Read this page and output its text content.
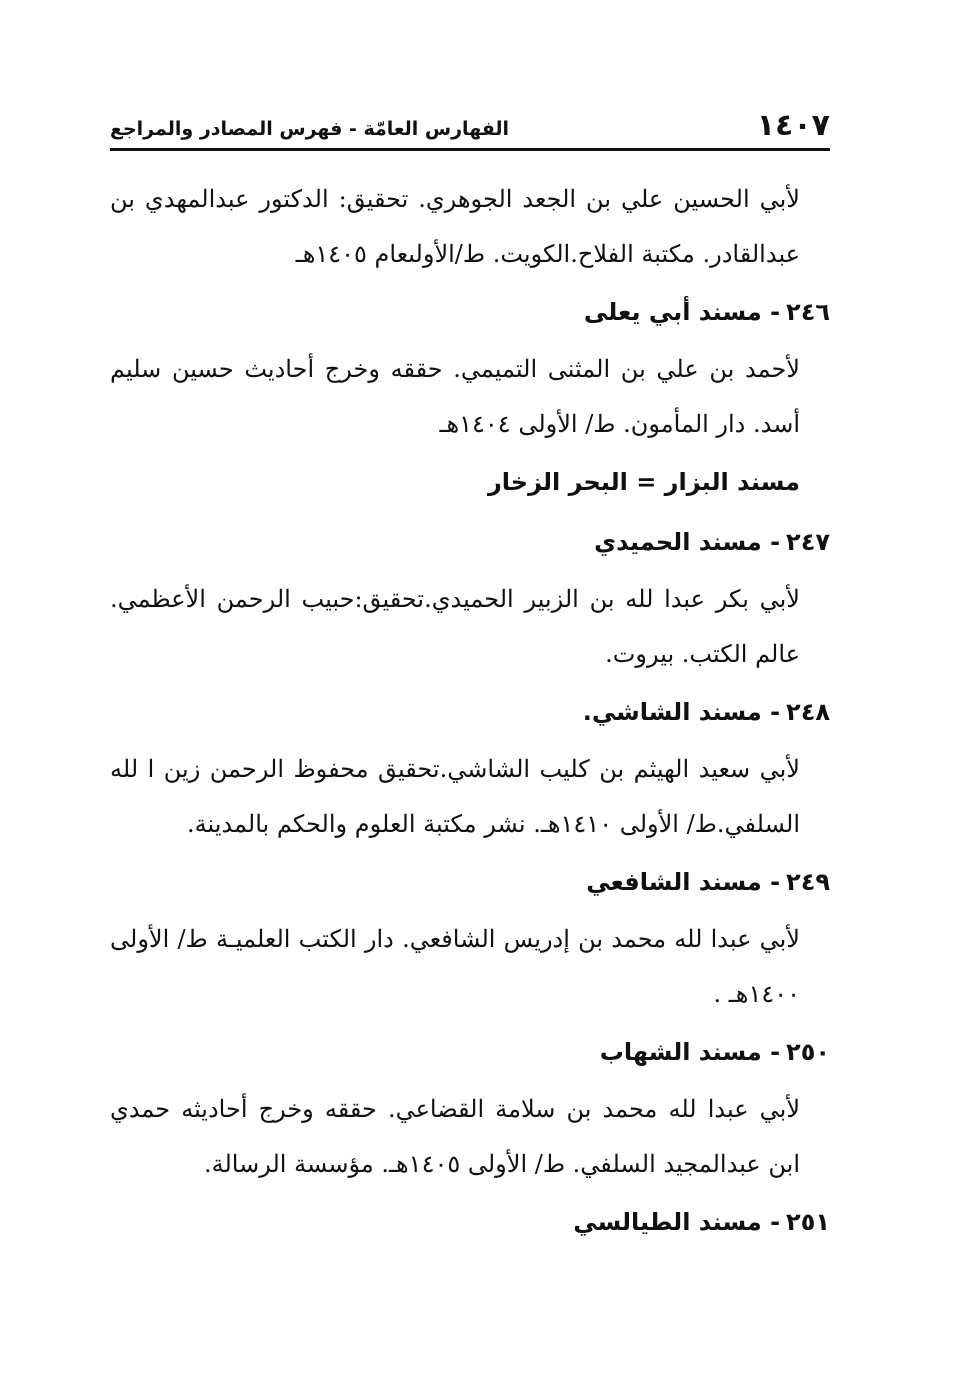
١٤٠٧
الفهارس العامّة - فهرس المصادر والمراجع

لأبي الحسين علي بن الجعد الجوهري. تحقيق: الدكتور عبدالمهدي بن عبدالقادر. مكتبة الفلاح.الكويت. ط/الأولىعام ١٤٠٥هـ

٢٤٦- مسند أبي يعلى

لأحمد بن علي بن المثنى التميمي. حققه وخرج أحاديث حسين سليم أسد. دار المأمون. ط/ الأولى ١٤٠٤هـ

مسند البزار = البحر الزخار

٢٤٧- مسند الحميدي

لأبي بكر عبدا لله بن الزبير الحميدي.تحقيق:حبيب الرحمن الأعظمي. عالم الكتب. بيروت.

٢٤٨- مسند الشاشي.

لأبي سعيد الهيثم بن كليب الشاشي.تحقيق محفوظ الرحمن زين ا لله السلفي.ط/ الأولى ١٤١٠هـ. نشر مكتبة العلوم والحكم بالمدينة.

٢٤٩- مسند الشافعي

لأبي عبدا لله محمد بن إدريس الشافعي. دار الكتب العلميـة ط/ الأولى ١٤٠٠هـ .

٢٥٠- مسند الشهاب

لأبي عبدا لله محمد بن سلامة القضاعي. حققه وخرج أحاديثه حمدي ابن عبدالمجيد السلفي. ط/ الأولى ١٤٠٥هـ. مؤسسة الرسالة.

٢٥١- مسند الطيالسي
